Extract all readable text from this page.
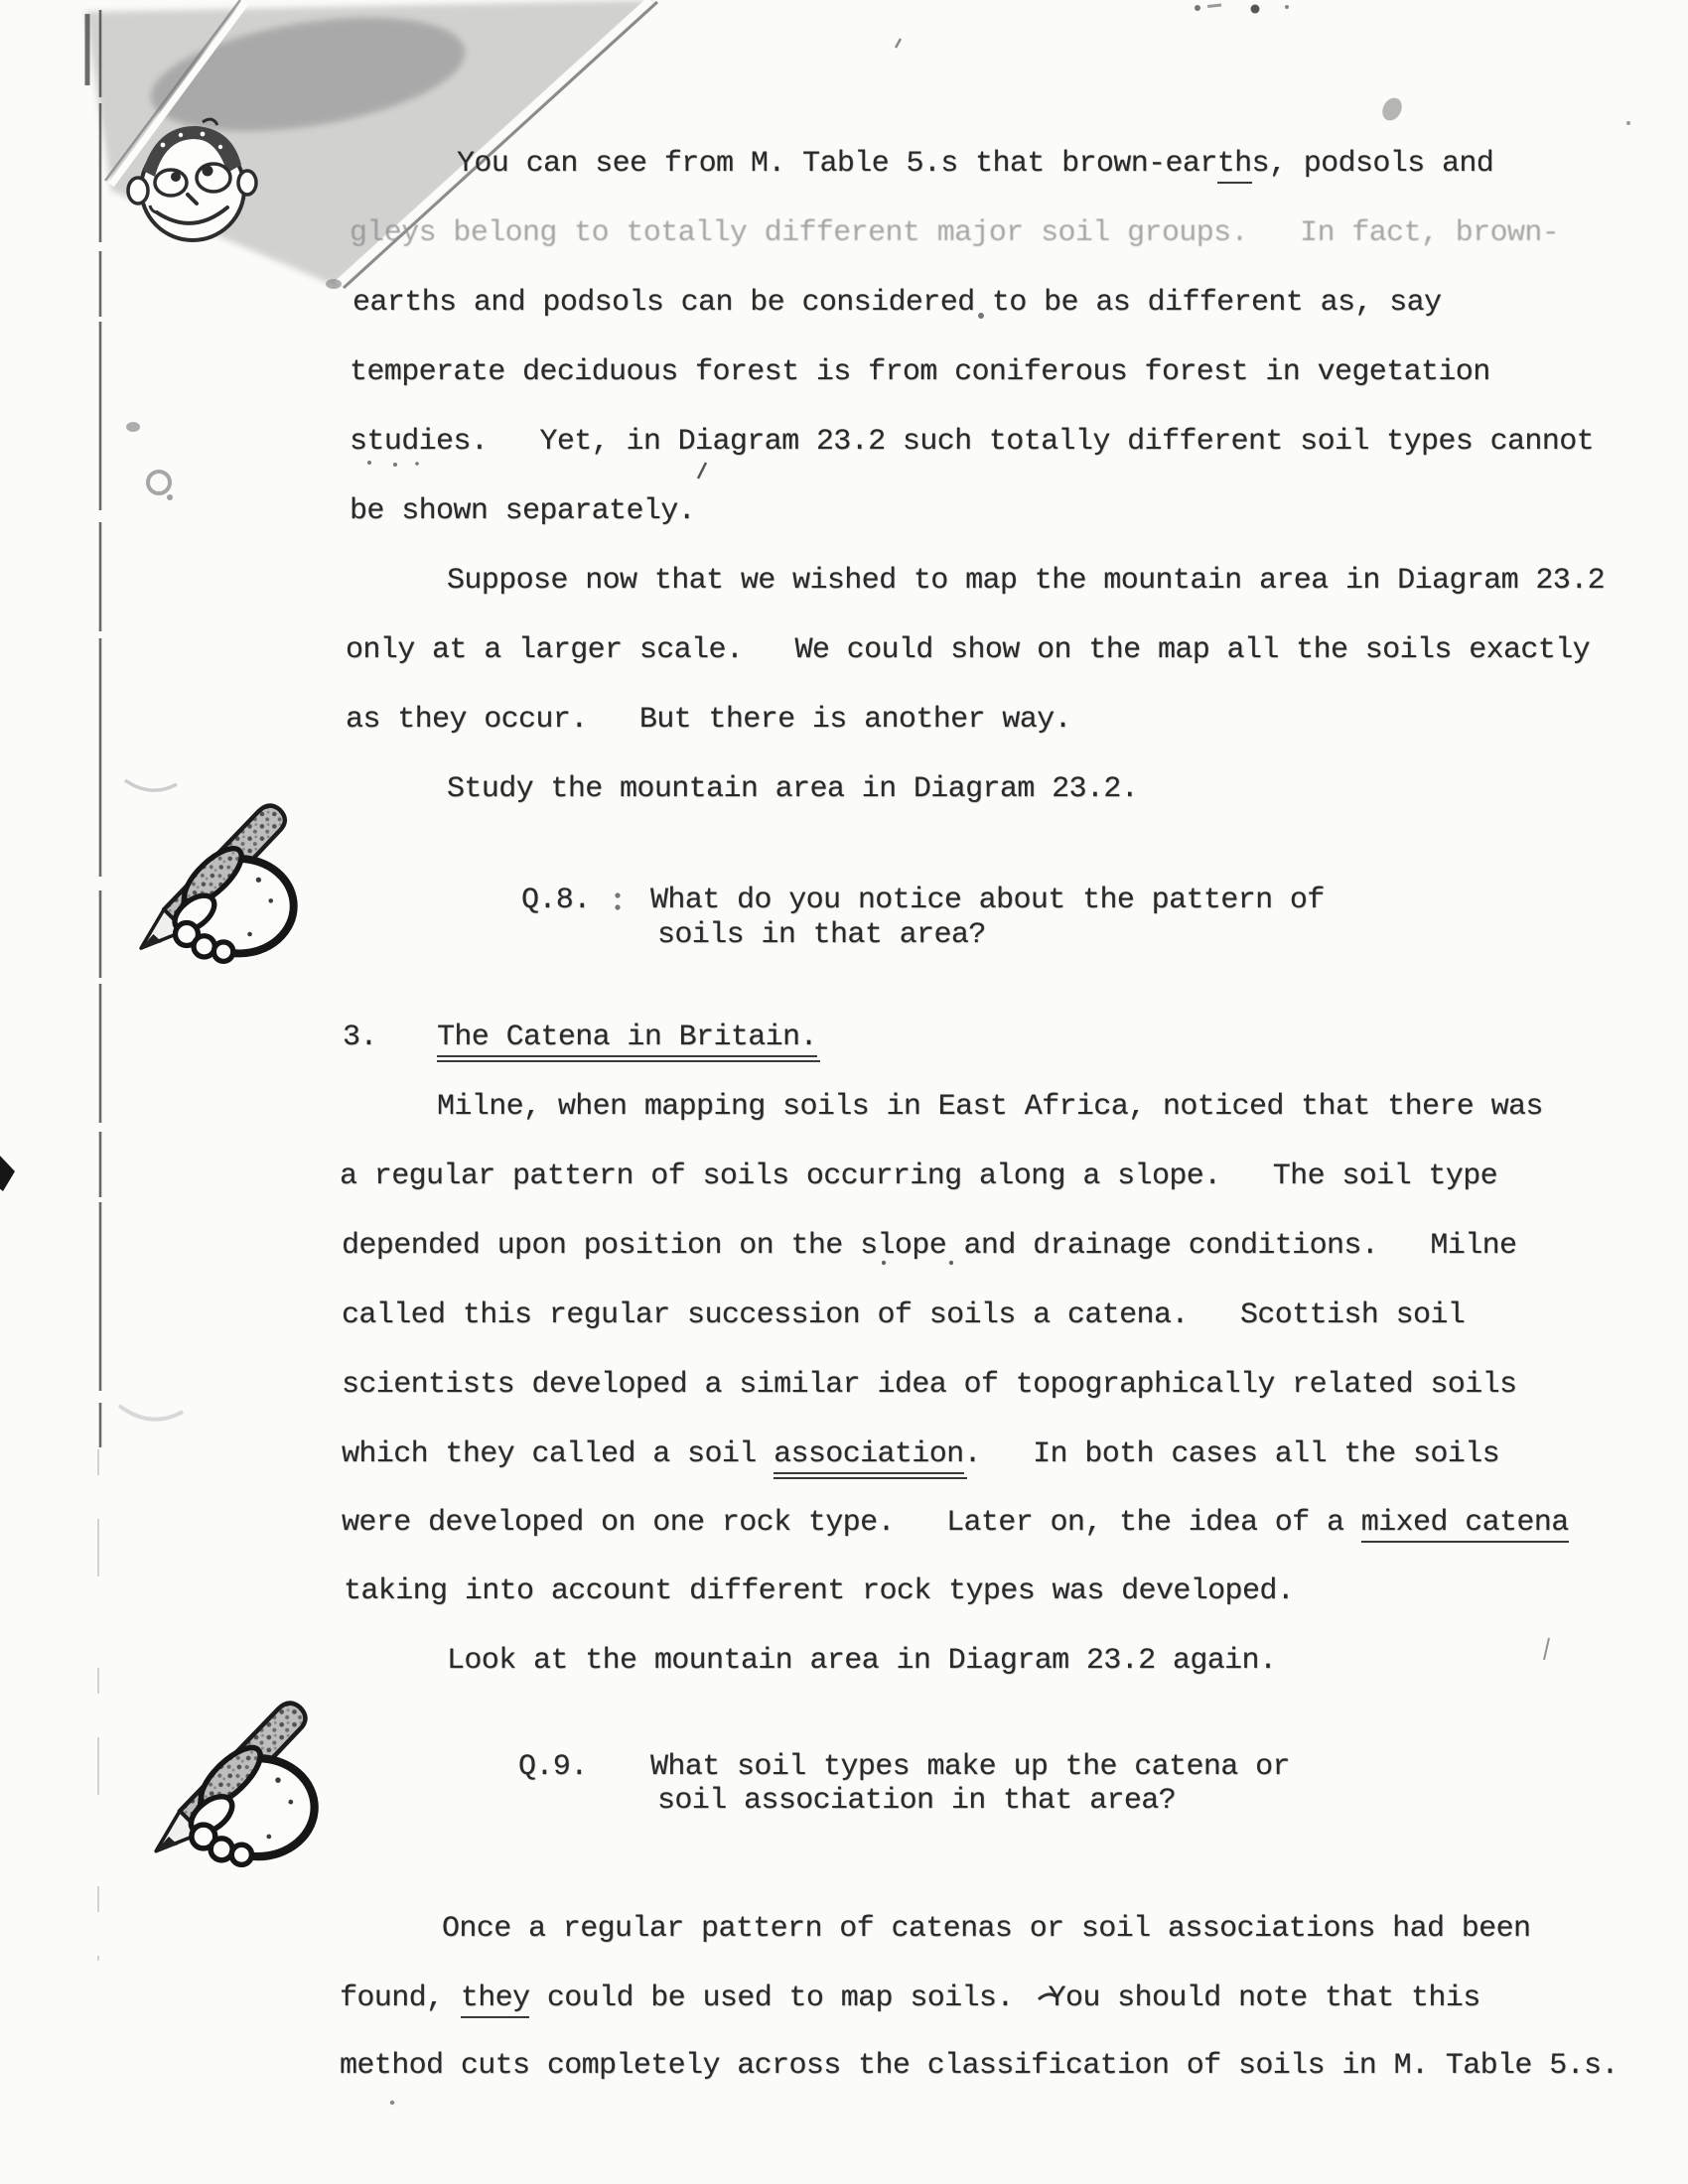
You can see from M. Table 5.s that brown-earths, podsols and
gleys belong to totally different major soil groups.   In fact, brown-
earths and podsols can be considered to be as different as, say
temperate deciduous forest is from coniferous forest in vegetation
studies.   Yet, in Diagram 23.2 such totally different soil types cannot
be shown separately.
Suppose now that we wished to map the mountain area in Diagram 23.2
only at a larger scale.   We could show on the map all the soils exactly
as they occur.   But there is another way.
Study the mountain area in Diagram 23.2.
Q.8. What do you notice about the pattern of
soils in that area?
3. The Catena in Britain.
Milne, when mapping soils in East Africa, noticed that there was
a regular pattern of soils occurring along a slope.   The soil type
depended upon position on the slope and drainage conditions.   Milne
called this regular succession of soils a catena.   Scottish soil
scientists developed a similar idea of topographically related soils
which they called a soil association.   In both cases all the soils
were developed on one rock type.   Later on, the idea of a mixed catena
taking into account different rock types was developed.
Look at the mountain area in Diagram 23.2 again.
Q.9. What soil types make up the catena or
soil association in that area?
Once a regular pattern of catenas or soil associations had been
found, they could be used to map soils.  You should note that this
method cuts completely across the classification of soils in M. Table 5.s.
